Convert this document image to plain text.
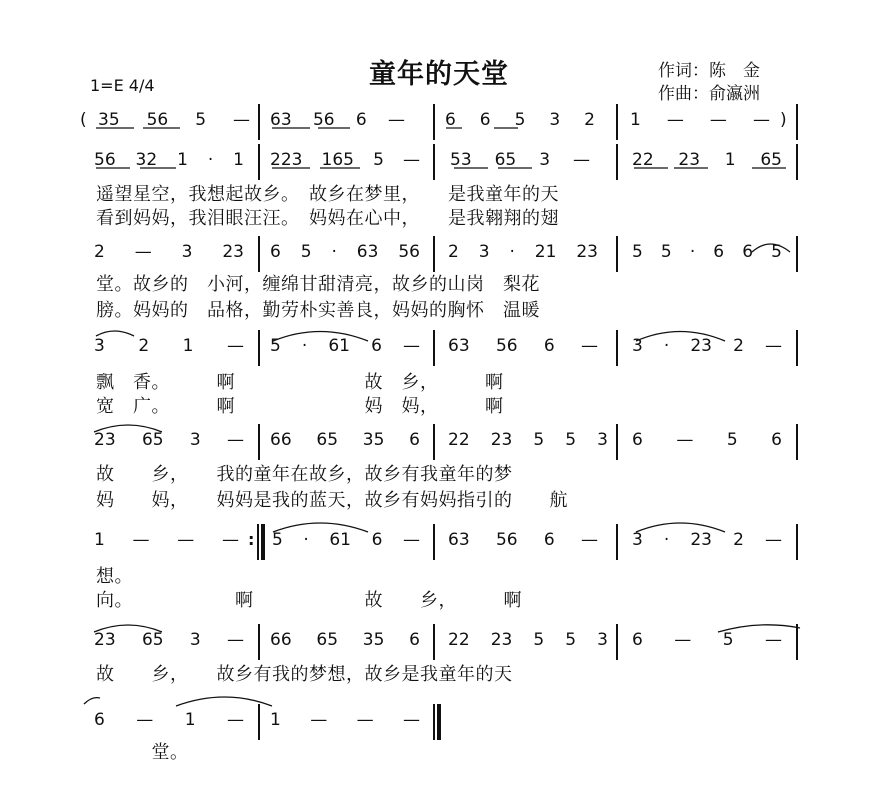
童年的天堂	作词：陈　金
作曲：俞瀛洲
1=E 4/4
( 35 56 5 — 63 56 6 — 6 6 5 3 2 1 — — — )
56 32 1 · 1 223 165 5 — 53 65 3 — 22 23 1 65
遥望星空，我想起故乡。　故乡在梦里，　　是我童年的天
看到妈妈，我泪眼汪汪。　妈妈在心中，　　是我翱翔的翅
2 — 3 23 6 5 · 63 56 2 3 · 21 23 5 5 · 6 6 5
堂。故乡的　小河，缠绵甘甜清亮，故乡的山岗　梨花
膀。妈妈的　品格，勤劳朴实善良，妈妈的胸怀　温暖
3 2 1 — 5 · 61 6 — 63 56 6 — 3 · 23 2 —
飘　香。　　　啊　　　　　　　故　乡，　　　啊
宽　广。　　　啊　　　　　　　妈　妈，　　　啊
23 65 3 — 66 65 35 6 22 23 5 5 3 6 — 5 6
故　　乡，　　我的童年在故乡，故乡有我童年的梦
妈　　妈，　　妈妈是我的蓝天，故乡有妈妈指引的　　航
1 — — — : 5 · 61 6 — 63 56 6 — 3 · 23 2 —
想。
向。　　　　　　啊　　　　　　故　　乡，　　　啊
23 65 3 — 66 65 35 6 22 23 5 5 3 6 — 5 —
故　　乡，　　故乡有我的梦想，故乡是我童年的天
6 — 1 — 1 — — —
　　　堂。
